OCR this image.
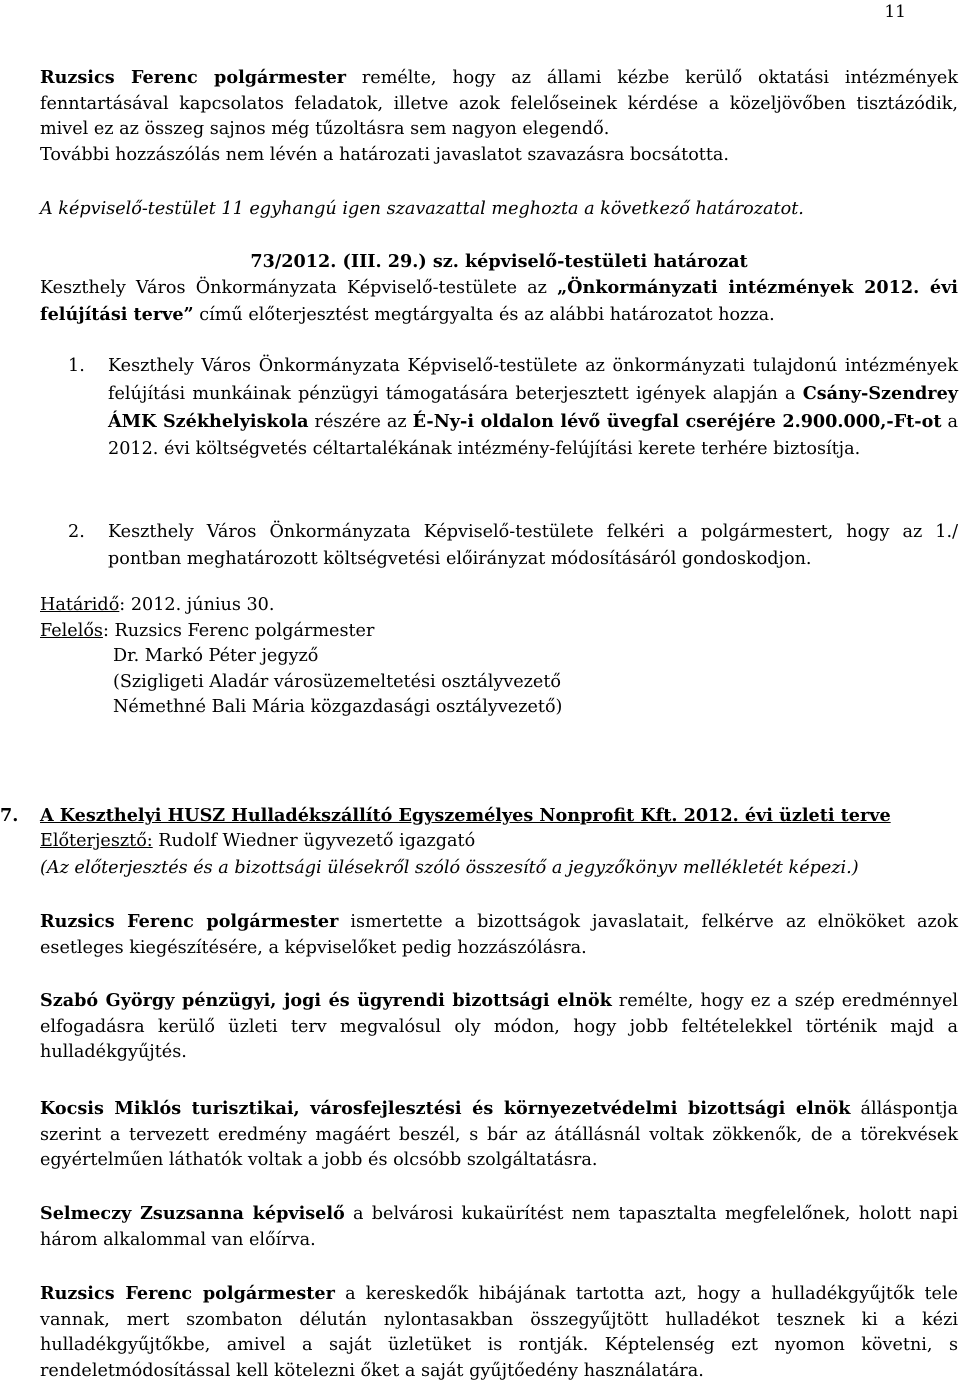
11
Ruzsics Ferenc polgármester remélte, hogy az állami kézbe kerülő oktatási intézmények fenntartásával kapcsolatos feladatok, illetve azok felelőseinek kérdése a közeljövőben tisztázódik, mivel ez az összeg sajnos még tűzoltásra sem nagyon elegendő.
További hozzászólás nem lévén a határozati javaslatot szavazásra bocsátotta.
A képviselő-testület 11 egyhangú igen szavazattal meghozta a következő határozatot.
73/2012. (III. 29.) sz. képviselő-testületi határozat
Keszthely Város Önkormányzata Képviselő-testülete az „Önkormányzati intézmények 2012. évi felújítási terve” című előterjesztést megtárgyalta és az alábbi határozatot hozza.
1. Keszthely Város Önkormányzata Képviselő-testülete az önkormányzati tulajdonú intézmények felújítási munkáinak pénzügyi támogatására beterjesztett igények alapján a Csány-Szendrey ÁMK Székhelyiskola részére az É-Ny-i oldalon lévő üvegfal cseréjére 2.900.000,-Ft-ot a 2012. évi költségvetés céltartalékának intézmény-felújítási kerete terhére biztosítja.
2. Keszthely Város Önkormányzata Képviselő-testülete felkéri a polgármestert, hogy az 1./ pontban meghatározott költségvetési előirányzat módosításáról gondoskodjon.

Határidő: 2012. június 30.

Felelős: Ruzsics Ferenc polgármester

Dr. Markó Péter jegyző

(Szigligeti Aladár városüzemeltetési osztályvezető

Némethné Bali Mária közgazdasági osztályvezető)

7. A Keszthelyi HUSZ Hulladékszállító Egyszemélyes Nonprofit Kft. 2012. évi üzleti terve
Előterjesztő: Rudolf Wiedner ügyvezető igazgató
(Az előterjesztés és a bizottsági ülésekről szóló összesítő a jegyzőkönyv mellékletét képezi.)
Ruzsics Ferenc polgármester ismertette a bizottságok javaslatait, felkérve az elnököket azok esetleges kiegészítésére, a képviselőket pedig hozzászólásra.
Szabó György pénzügyi, jogi és ügyrendi bizottsági elnök remélte, hogy ez a szép eredménnyel elfogadásra kerülő üzleti terv megvalósul oly módon, hogy jobb feltételekkel történik majd a hulladékgyűjtés.
Kocsis Miklós turisztikai, városfejlesztési és környezetvédelmi bizottsági elnök álláspontja szerint a tervezett eredmény magáért beszél, s bár az átállásnál voltak zökkenők, de a törekvések egyértelműen láthatók voltak a jobb és olcsóbb szolgáltatásra.
Selmeczy Zsuzsanna képviselő a belvárosi kukaürítést nem tapasztalta megfelelőnek, holott napi három alkalommal van előírva.
Ruzsics Ferenc polgármester a kereskedők hibájának tartotta azt, hogy a hulladékgyűjtők tele vannak, mert szombaton délután nylontasakban összegyűjtött hulladékot tesznek ki a kézi hulladékgyűjtőkbe, amivel a saját üzletüket is rontják. Képtelenség ezt nyomon követni, s rendeletmódosítással kell kötelezni őket a saját gyűjtőedény használatára.
